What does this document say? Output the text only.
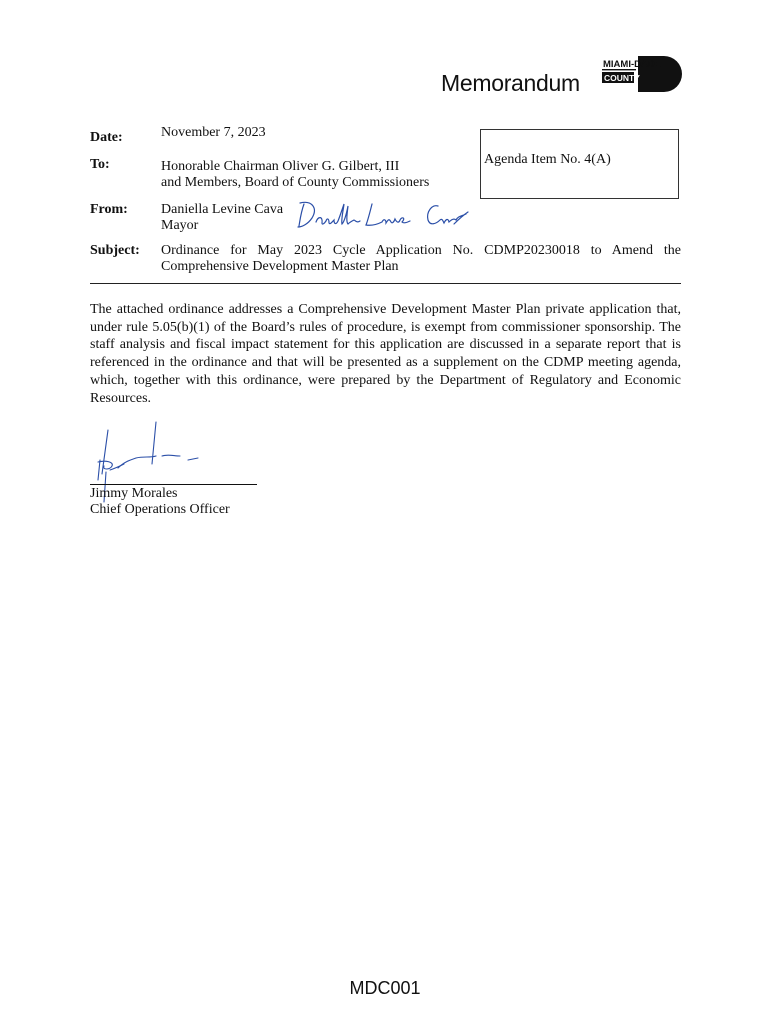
Memorandum
MIAMI-DADE
COUNTY
Date:	November 7, 2023
To:	Honorable Chairman Oliver G. Gilbert, III
and Members, Board of County Commissioners
Agenda Item No. 4(A)
From: Daniella Levine Cava
Mayor
Subject: Ordinance for May 2023 Cycle Application No. CDMP20230018 to Amend the
Comprehensive Development Master Plan
The attached ordinance addresses a Comprehensive Development Master Plan private application that, under rule 5.05(b)(1) of the Board’s rules of procedure, is exempt from commissioner sponsorship. The staff analysis and fiscal impact statement for this application are discussed in a separate report that is referenced in the ordinance and that will be presented as a supplement on the CDMP meeting agenda, which, together with this ordinance, were prepared by the Department of Regulatory and Economic Resources.
Jimmy Morales
Chief Operations Officer
MDC001
